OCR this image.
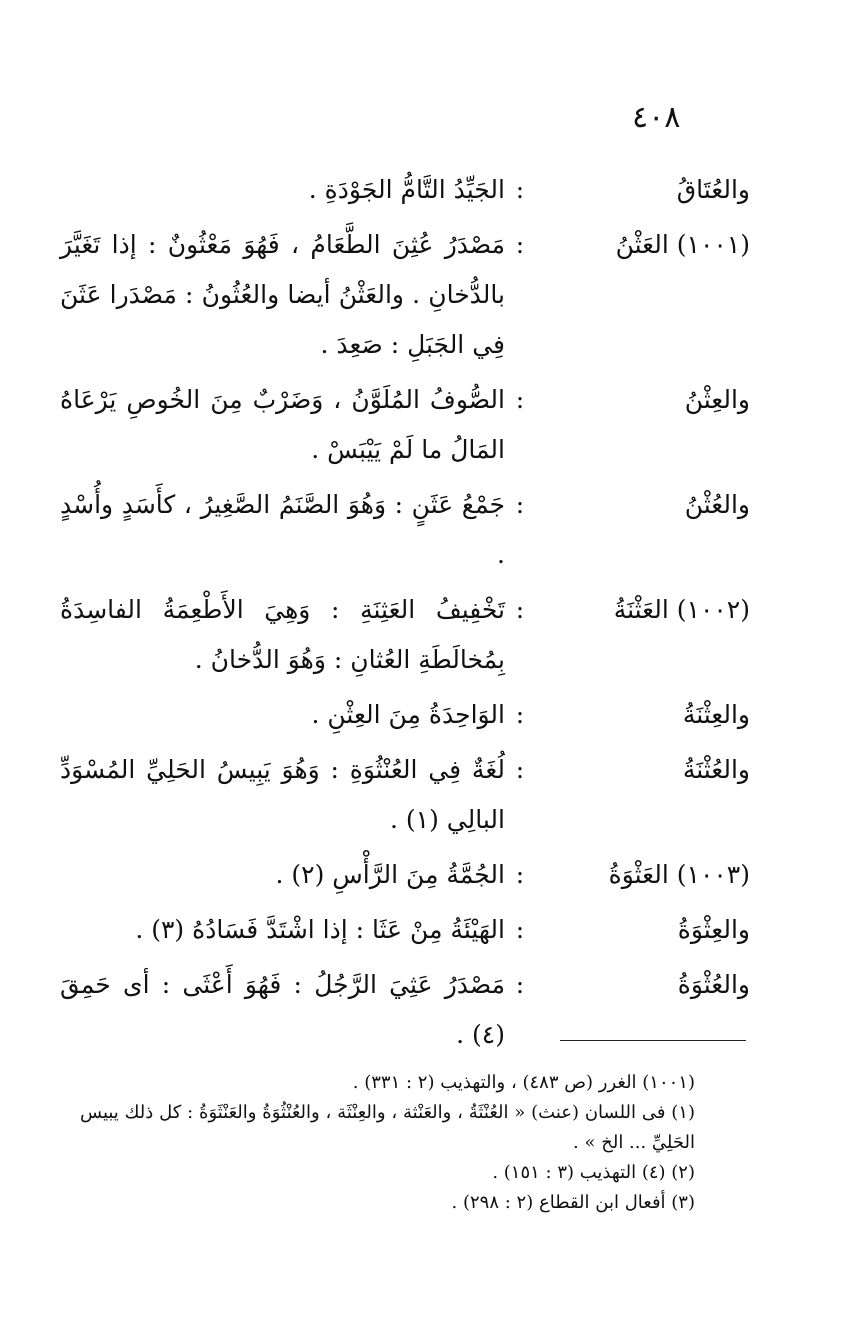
٤٠٨
والعُتَاقُ
:
الجَيِّدُ التَّامُّ الجَوْدَةِ .
(١٠٠١) العَثْنُ
:
مَصْدَرُ عُثِنَ الطَّعَامُ ، فَهُوَ مَعْثُونٌ : إذا تَغَيَّرَ بالدُّخانِ . والعَثْنُ أيضا والعُثُونُ : مَصْدَرا عَثَنَ فِي الجَبَلِ : صَعِدَ .
والعِثْنُ
:
الصُّوفُ المُلَوَّنُ ، وَضَرْبٌ مِنَ الخُوصِ يَرْعَاهُ المَالُ ما لَمْ يَيْبَسْ .
والعُثْنُ
:
جَمْعُ عَثَنٍ : وَهُوَ الصَّنَمُ الصَّغِيرُ ، كأَسَدٍ وأُسْدٍ .
(١٠٠٢) العَثْنَةُ
:
تَخْفِيفُ العَثِنَةِ : وَهِيَ الأَطْعِمَةُ الفاسِدَةُ بِمُخالَطَةِ العُثانِ : وَهُوَ الدُّخانُ .
والعِثْنَةُ
:
الوَاحِدَةُ مِنَ العِثْنِ .
والعُثْنَةُ
:
لُغَةٌ فِي العُنْثُوَةِ : وَهُوَ يَبِيسُ الحَلِيِّ المُسْوَدِّ البالِي (١) .
(١٠٠٣) العَثْوَةُ
:
الجُمَّةُ مِنَ الرَّأْسِ (٢) .
والعِثْوَةُ
:
الهَيْئَةُ مِنْ عَثَا : إذا اشْتَدَّ فَسَادُهُ (٣) .
والعُثْوَةُ
:
مَصْدَرُ عَثِيَ الرَّجُلُ : فَهُوَ أَعْثَى : أى حَمِقَ (٤) .
(١٠٠١) الغرر (ص ٤٨٣) ، والتهذيب (٢ : ٣٣١) .
(١) فى اللسان (عنث) « العُنْثَةُ ، والعَنْثة ، والعِنْثَة ، والعُنْثُوَةُ والعَنْثَوَةُ : كل ذلك يبيس الحَلِيِّ ... الخ » .
(٢) (٤) التهذيب (٣ : ١٥١) .
(٣) أفعال ابن القطاع (٢ : ٢٩٨) .
